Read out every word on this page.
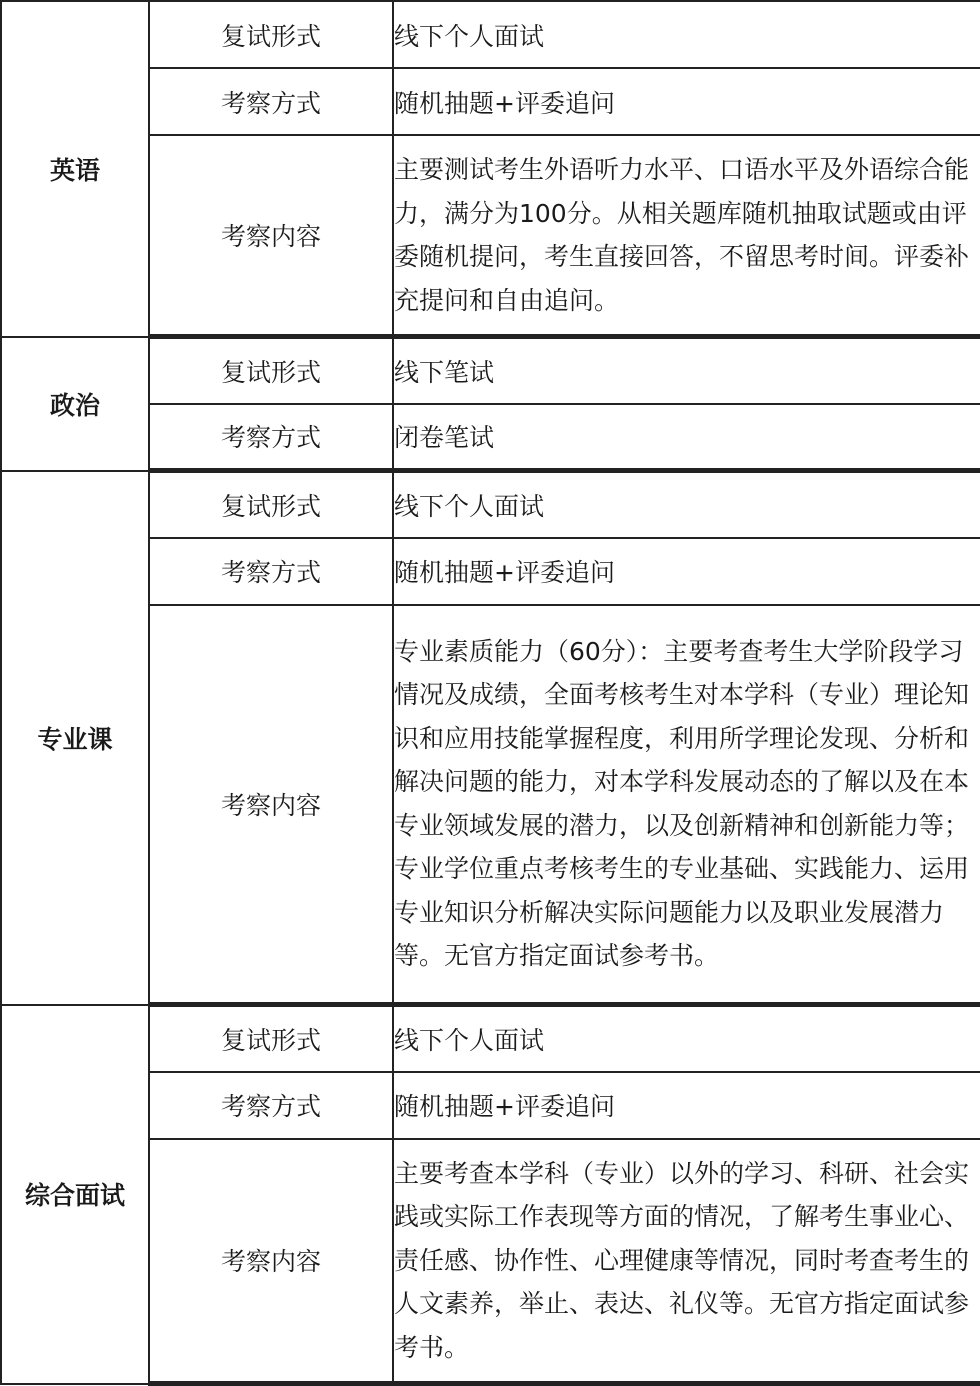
英语	复试形式	线下个人面试
	考察方式	随机抽题+评委追问
	考察内容	主要测试考生外语听力水平、口语水平及外语综合能力，满分为100分。从相关题库随机抽取试题或由评委随机提问，考生直接回答，不留思考时间。评委补充提问和自由追问。
政治	复试形式	线下笔试
	考察方式	闭卷笔试
专业课	复试形式	线下个人面试
	考察方式	随机抽题+评委追问
	考察内容	专业素质能力（60分）：主要考查考生大学阶段学习情况及成绩，全面考核考生对本学科（专业）理论知识和应用技能掌握程度，利用所学理论发现、分析和解决问题的能力，对本学科发展动态的了解以及在本专业领域发展的潜力，以及创新精神和创新能力等；专业学位重点考核考生的专业基础、实践能力、运用专业知识分析解决实际问题能力以及职业发展潜力等。无官方指定面试参考书。
综合面试	复试形式	线下个人面试
	考察方式	随机抽题+评委追问
	考察内容	主要考查本学科（专业）以外的学习、科研、社会实践或实际工作表现等方面的情况，了解考生事业心、责任感、协作性、心理健康等情况，同时考查考生的人文素养，举止、表达、礼仪等。无官方指定面试参考书。
